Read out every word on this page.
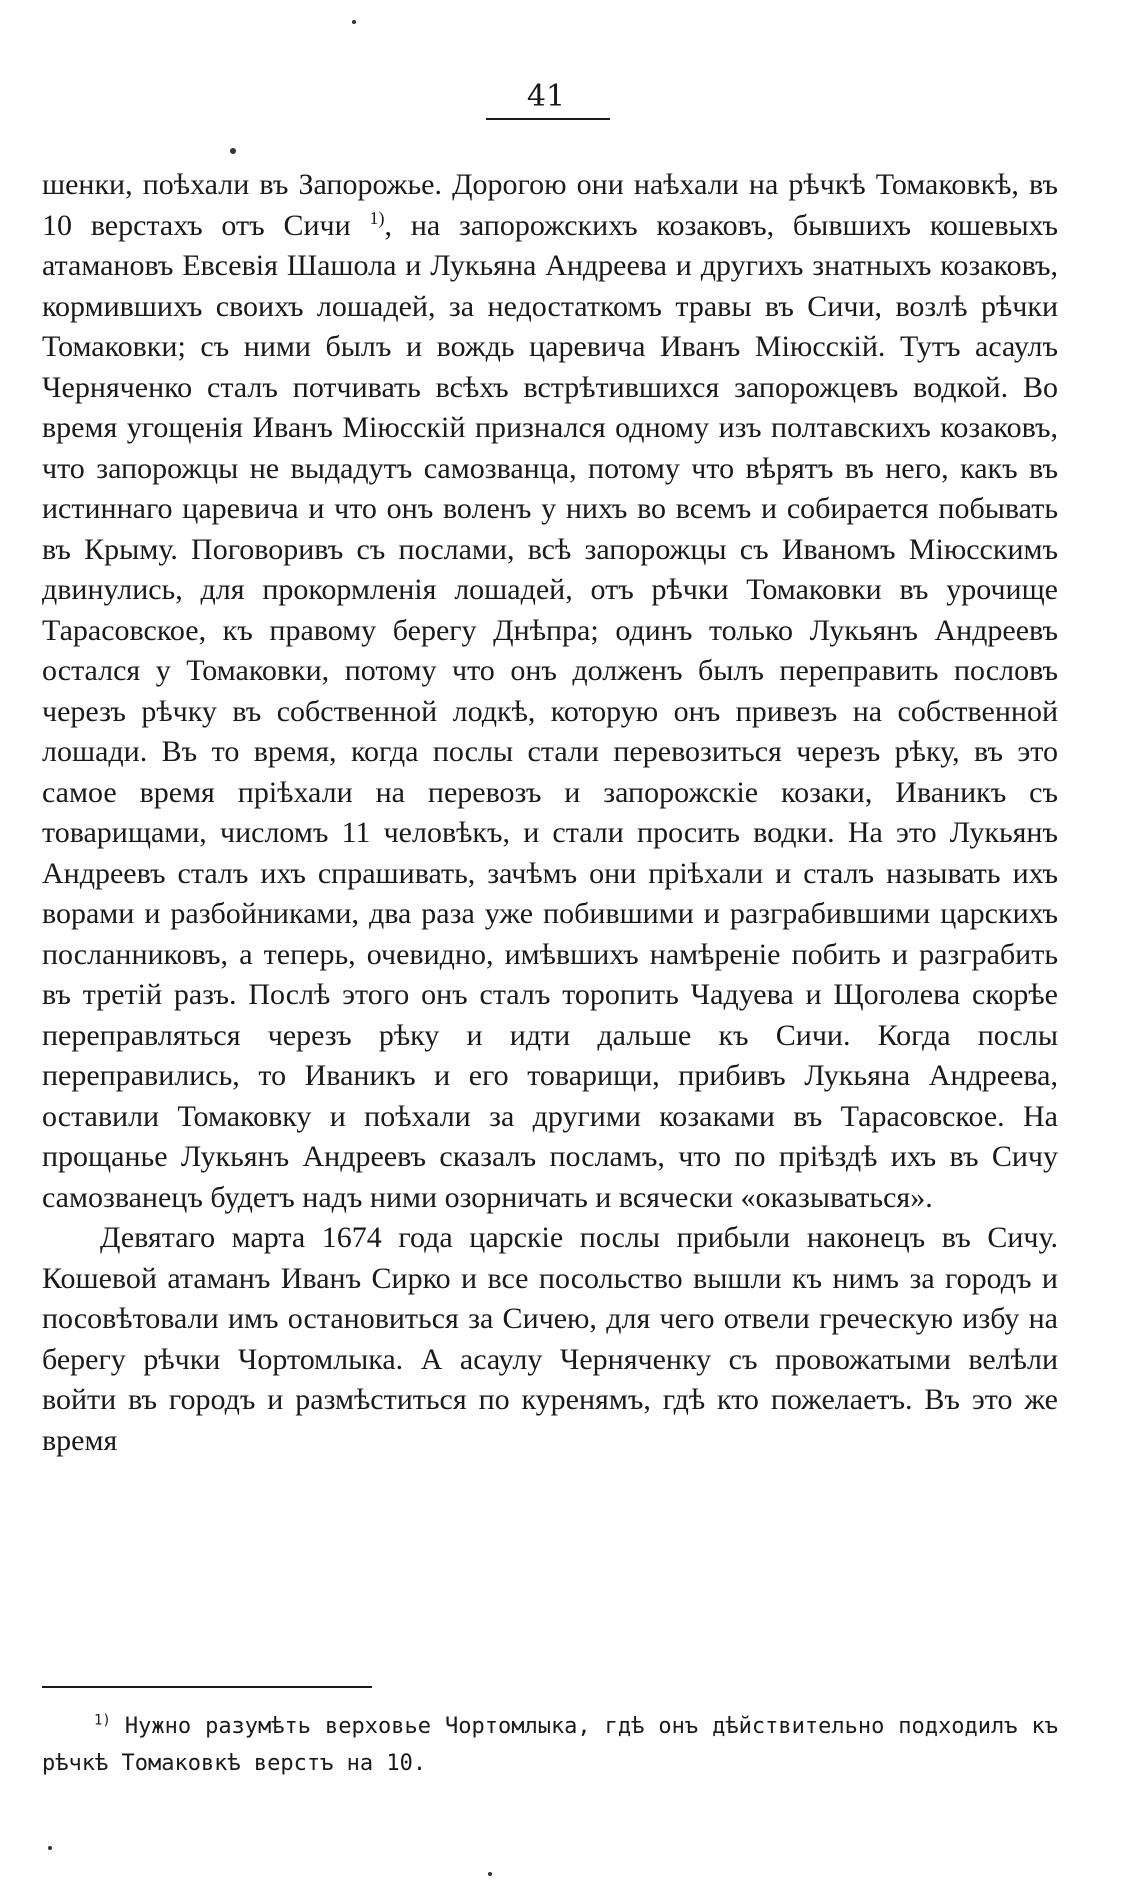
41

шенки, поѣхали въ Запорожье. Дорогою они наѣхали на рѣчкѣ Томаковкѣ, въ 10 верстахъ отъ Сичи $^{1)}$, на запорожскихъ козаковъ, бывшихъ кошевыхъ атамановъ Евсевія Шашола и Лукьяна Андреева и другихъ знатныхъ козаковъ, кормившихъ своихъ лошадей, за недостаткомъ травы въ Сичи, возлѣ рѣчки Томаковки; съ ними былъ и вождь царевича Иванъ Міюсскій. Тутъ асаулъ Черняченко сталъ потчивать всѣхъ встрѣтившихся запорожцевъ водкой. Во время угощенія Иванъ Міюсскій признался одному изъ полтавскихъ козаковъ, что запорожцы не выдадутъ самозванца, потому что вѣрятъ въ него, какъ въ истиннаго царевича и что онъ воленъ у нихъ во всемъ и собирается побывать въ Крыму. Поговоривъ съ послами, всѣ запорожцы съ Иваномъ Міюсскимъ двинулись, для прокормленія лошадей, отъ рѣчки Томаковки въ урочище Тарасовское, къ правому берегу Днѣпра; одинъ только Лукьянъ Андреевъ остался у Томаковки, потому что онъ долженъ былъ переправить пословъ черезъ рѣчку въ собственной лодкѣ, которую онъ привезъ на собственной лошади. Въ то время, когда послы стали перевозиться черезъ рѣку, въ это самое время пріѣхали на перевозъ и запорожскіе козаки, Иваникъ съ товарищами, числомъ 11 человѣкъ, и стали просить водки. На это Лукьянъ Андреевъ сталъ ихъ спрашивать, зачѣмъ они пріѣхали и сталъ называть ихъ ворами и разбойниками, два раза уже побившими и разграбившими царскихъ посланниковъ, а теперь, очевидно, имѣвшихъ намѣреніе побить и разграбить въ третій разъ. Послѣ этого онъ сталъ торопить Чадуева и Щоголева скорѣе переправляться черезъ рѣку и идти дальше къ Сичи. Когда послы переправились, то Иваникъ и его товарищи, прибивъ Лукьяна Андреева, оставили Томаковку и поѣхали за другими козаками въ Тарасовское. На прощанье Лукьянъ Андреевъ сказалъ посламъ, что по пріѣздѣ ихъ въ Сичу самозванецъ будетъ надъ ними озорничать и всячески «оказываться».

Девятаго марта 1674 года царскіе послы прибыли наконецъ въ Сичу. Кошевой атаманъ Иванъ Сирко и все посольство вышли къ нимъ за городъ и посовѣтовали имъ остановиться за Сичею, для чего отвели греческую избу на берегу рѣчки Чортомлыка. А асаулу Черняченку съ провожатыми велѣли войти въ городъ и размѣститься по куренямъ, гдѣ кто пожелаетъ. Въ это же время

$^{1)}$ Нужно разумѣть верховье Чортомлыка, гдѣ онъ дѣйствительно подходилъ къ рѣчкѣ Томаковкѣ верстъ на 10.
